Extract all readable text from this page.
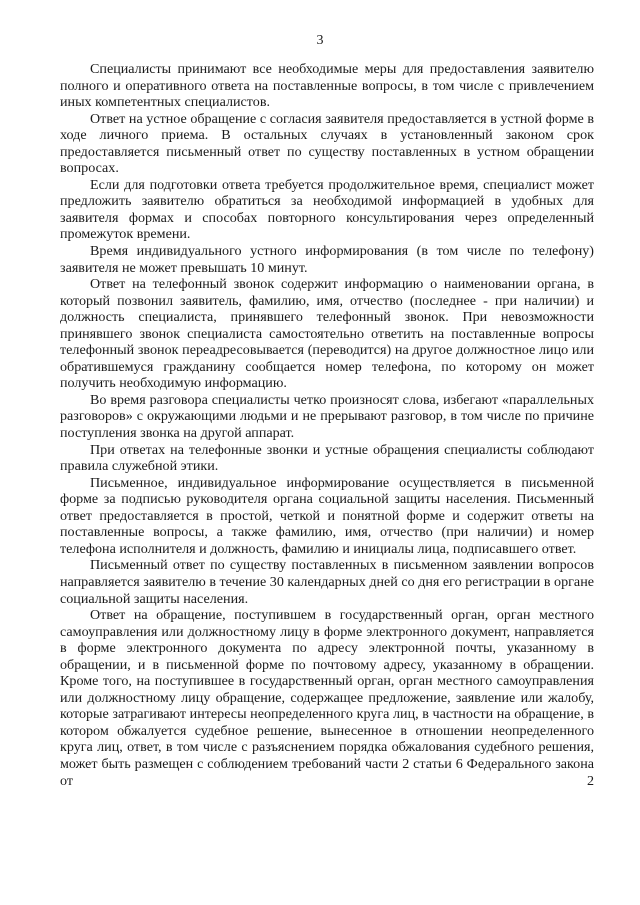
3

Специалисты принимают все необходимые меры для предоставления заявителю полного и оперативного ответа на поставленные вопросы, в том числе с привлечением иных компетентных специалистов.

Ответ на устное обращение с согласия заявителя предоставляется в устной форме в ходе личного приема. В остальных случаях в установленный законом срок предоставляется письменный ответ по существу поставленных в устном обращении вопросах.

Если для подготовки ответа требуется продолжительное время, специалист может предложить заявителю обратиться за необходимой информацией в удобных для заявителя формах и способах повторного консультирования через определенный промежуток времени.

Время индивидуального устного информирования (в том числе по телефону) заявителя не может превышать 10 минут.

Ответ на телефонный звонок содержит информацию о наименовании органа, в который позвонил заявитель, фамилию, имя, отчество (последнее - при наличии) и должность специалиста, принявшего телефонный звонок. При невозможности принявшего звонок специалиста самостоятельно ответить на поставленные вопросы телефонный звонок переадресовывается (переводится) на другое должностное лицо или обратившемуся гражданину сообщается номер телефона, по которому он может получить необходимую информацию.

Во время разговора специалисты четко произносят слова, избегают «параллельных разговоров» с окружающими людьми и не прерывают разговор, в том числе по причине поступления звонка на другой аппарат.

При ответах на телефонные звонки и устные обращения специалисты соблюдают правила служебной этики.

Письменное, индивидуальное информирование осуществляется в письменной форме за подписью руководителя органа социальной защиты населения. Письменный ответ предоставляется в простой, четкой и понятной форме и содержит ответы на поставленные вопросы, а также фамилию, имя, отчество (при наличии) и номер телефона исполнителя и должность, фамилию и инициалы лица, подписавшего ответ.

Письменный ответ по существу поставленных в письменном заявлении вопросов направляется заявителю в течение 30 календарных дней со дня его регистрации в органе социальной защиты населения.

Ответ на обращение, поступившем в государственный орган, орган местного самоуправления или должностному лицу в форме электронного документ, направляется в форме электронного документа по адресу электронной почты, указанному в обращении, и в письменной форме по почтовому адресу, указанному в обращении. Кроме того, на поступившее в государственный орган, орган местного самоуправления или должностному лицу обращение, содержащее предложение, заявление или жалобу, которые затрагивают интересы неопределенного круга лиц, в частности на обращение, в котором обжалуется судебное решение, вынесенное в отношении неопределенного круга лиц, ответ, в том числе с разъяснением порядка обжалования судебного решения, может быть размещен с соблюдением требований части 2 статьи 6 Федерального закона от 2
